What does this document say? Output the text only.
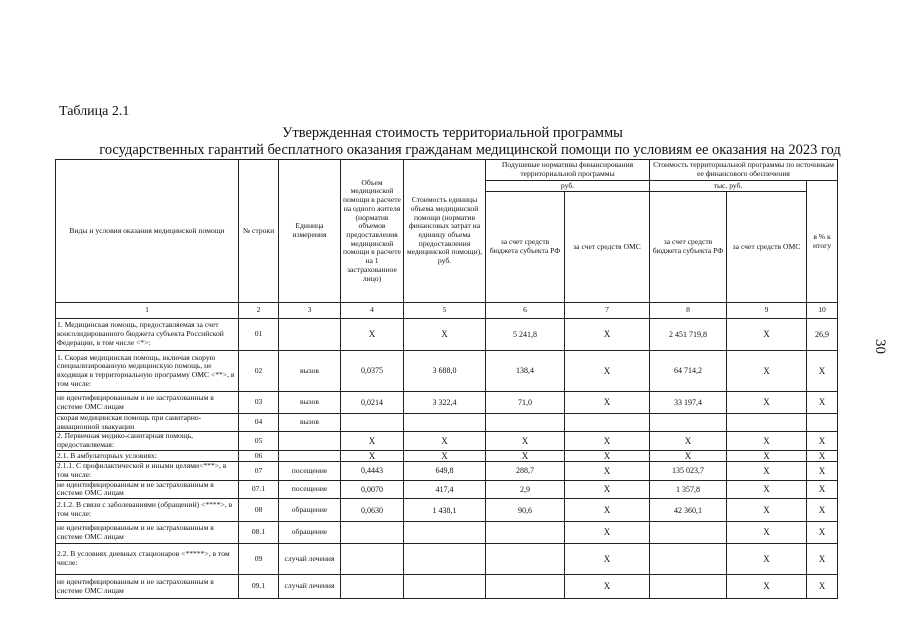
Таблица 2.1
Утвержденная стоимость территориальной программы
государственных гарантий бесплатного оказания гражданам медицинской помощи по условиям ее оказания на 2023 год
30
Виды и условия оказания медицинской помощи	№ строки	Единица измерения	Объем медицинской помощи в расчете на одного жителя (норматив объемов предоставления медицинской помощи в расчете на 1 застрахованное лицо)	Стоимость единицы объема медицинской помощи (норматив финансовых затрат на единицу объема предоставления медицинской помощи), руб.	Подушевые нормативы финансирования территориальной программы		Стоимость территориальной программы по источникам ее финансового обеспечения		
					руб.		тыс. руб.		в % к итогу
					за счет средств бюджета субъекта РФ	за счет средств ОМС	за счет средств бюджета субъекта РФ	за счет средств ОМС	
1	2	3	4	5	6	7	8	9	10
1. Медицинская помощь, предоставляемая за счет консолидированного бюджета субъекта Российской Федерации, в том числе <*>:	01		X	X	5 241,8	X	2 451 719,8	X	26,9
1. Скорая медицинская помощь, включая скорую специализированную медицинскую помощь, не входящая в территориальную программу ОМС <**>, в том числе:	02	вызов	0,0375	3 688,0	138,4	X	64 714,2	X	X
не идентифицированным и не застрахованным в системе ОМС лицам	03	вызов	0,0214	3 322,4	71,0	X	33 197,4	X	X
скорая медицинская помощь при санитарно-авиационной эвакуации	04	вызов							
2. Первичная медико-санитарная помощь, предоставляемая:	05		X	X	X	X	X	X	X
2.1. В амбулаторных условиях:	06		X	X	X	X	X	X	X
2.1.1. С профилактической и иными целями<***>, в том числе:	07	посещение	0,4443	649,8	288,7	X	135 023,7	X	X
не идентифицированным и не застрахованным в системе ОМС лицам	07.1	посещение	0,0070	417,4	2,9	X	1 357,8	X	X
2.1.2. В связи с заболеваниями (обращений) <****>, в том числе:	08	обращение	0,0630	1 438,1	90,6	X	42 360,1	X	X
не идентифицированным и не застрахованным в системе ОМС лицам	08.1	обращение				X		X	X
2.2. В условиях дневных стационаров <*****>, в том числе:	09	случай лечения				X		X	X
не идентифицированным и не застрахованным в системе ОМС лицам	09.1	случай лечения				X		X	X
